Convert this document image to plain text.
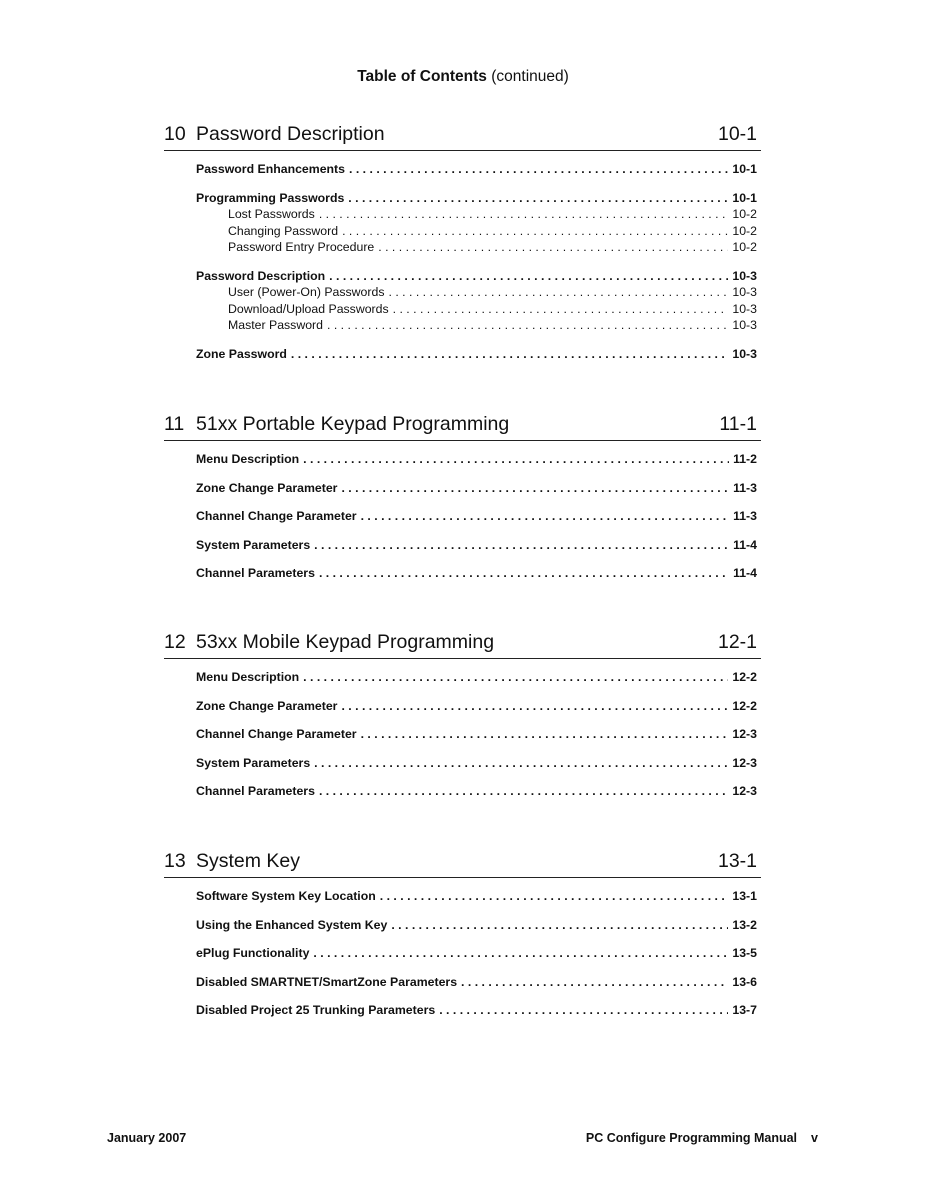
Table of Contents (continued)
10 Password Description	10-1
Password Enhancements . . .	10-1
Programming Passwords . . .	10-1
Lost Passwords . . .	10-2
Changing Password . . .	10-2
Password Entry Procedure . . .	10-2
Password Description . . .	10-3
User (Power-On) Passwords . . .	10-3
Download/Upload Passwords . . .	10-3
Master Password . . .	10-3
Zone Password . . .	10-3
11 51xx Portable Keypad Programming	11-1
Menu Description . . .	11-2
Zone Change Parameter . . .	11-3
Channel Change Parameter . . .	11-3
System Parameters . . .	11-4
Channel Parameters . . .	11-4
12 53xx Mobile Keypad Programming	12-1
Menu Description . . .	12-2
Zone Change Parameter . . .	12-2
Channel Change Parameter . . .	12-3
System Parameters . . .	12-3
Channel Parameters . . .	12-3
13 System Key	13-1
Software System Key Location . . .	13-1
Using the Enhanced System Key . . .	13-2
ePlug Functionality . . .	13-5
Disabled SMARTNET/SmartZone Parameters . . .	13-6
Disabled Project 25 Trunking Parameters . . .	13-7
January 2007	PC Configure Programming Manual v
